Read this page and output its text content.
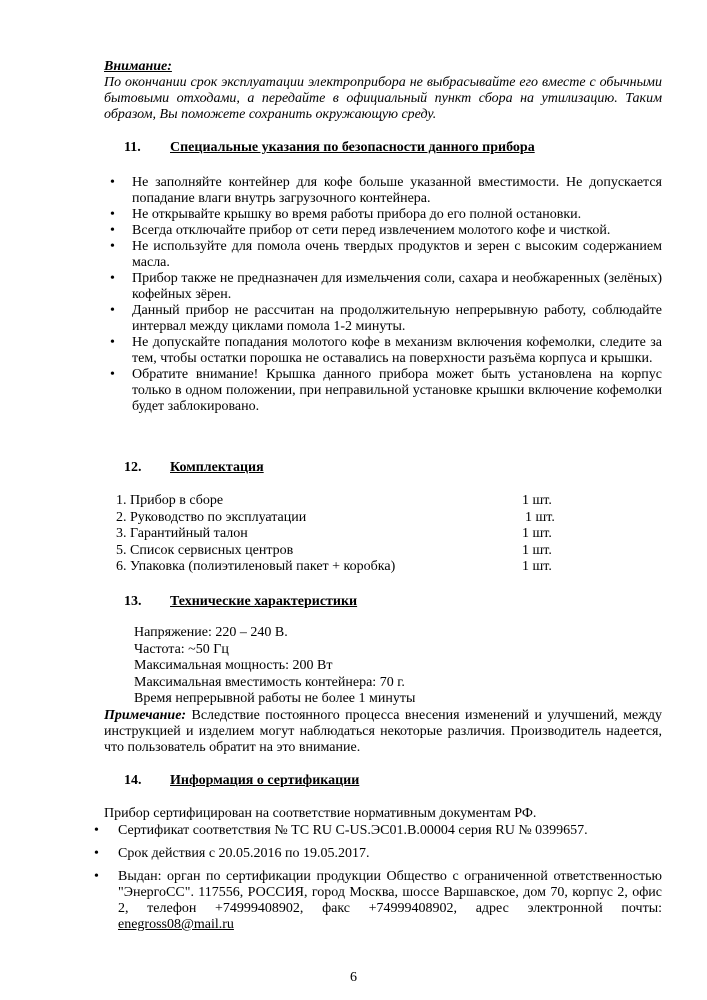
Внимание:
По окончании срок эксплуатации электроприбора не выбрасывайте его вместе с обычными бытовыми отходами, а передайте в официальный пункт сбора на утилизацию. Таким образом, Вы поможете сохранить окружающую среду.
11. Специальные указания по безопасности данного прибора
• Не заполняйте контейнер для кофе больше указанной вместимости. Не допускается попадание влаги внутрь загрузочного контейнера.
• Не открывайте крышку во время работы прибора до его полной остановки.
• Всегда отключайте прибор от сети перед извлечением молотого кофе и чисткой.
• Не используйте для помола очень твердых продуктов и зерен с высоким содержанием масла.
• Прибор также не предназначен для измельчения соли, сахара и необжаренных (зелёных) кофейных зёрен.
• Данный прибор не рассчитан на продолжительную непрерывную работу, соблюдайте интервал между циклами помола 1-2 минуты.
• Не допускайте попадания молотого кофе в механизм включения кофемолки, следите за тем, чтобы остатки порошка не оставались на поверхности разъёма корпуса и крышки.
• Обратите внимание! Крышка данного прибора может быть установлена на корпус только в одном положении, при неправильной установке крышки включение кофемолки будет заблокировано.
12. Комплектация
1. Прибор в сборе	1 шт.
2. Руководство по эксплуатации	1 шт.
3. Гарантийный талон	1 шт.
5. Список сервисных центров	1 шт.
6. Упаковка (полиэтиленовый пакет + коробка)	1 шт.
13. Технические характеристики
Напряжение: 220 – 240 В.
Частота: ~50 Гц
Максимальная мощность: 200 Вт
Максимальная вместимость контейнера: 70 г.
Время непрерывной работы не более 1 минуты
Примечание: Вследствие постоянного процесса внесения изменений и улучшений, между инструкцией и изделием могут наблюдаться некоторые различия. Производитель надеется, что пользователь обратит на это внимание.
14. Информация о сертификации
Прибор сертифицирован на соответствие нормативным документам РФ.
• Сертификат соответствия № ТС RU C-US.ЭС01.В.00004 серия RU № 0399657.
• Срок действия с 20.05.2016 по 19.05.2017.
• Выдан: орган по сертификации продукции Общество с ограниченной ответственностью "ЭнергоСС". 117556, РОССИЯ, город Москва, шоссе Варшавское, дом 70, корпус 2, офис 2, телефон +74999408902, факс +74999408902, адрес электронной почты: enegross08@mail.ru
6
